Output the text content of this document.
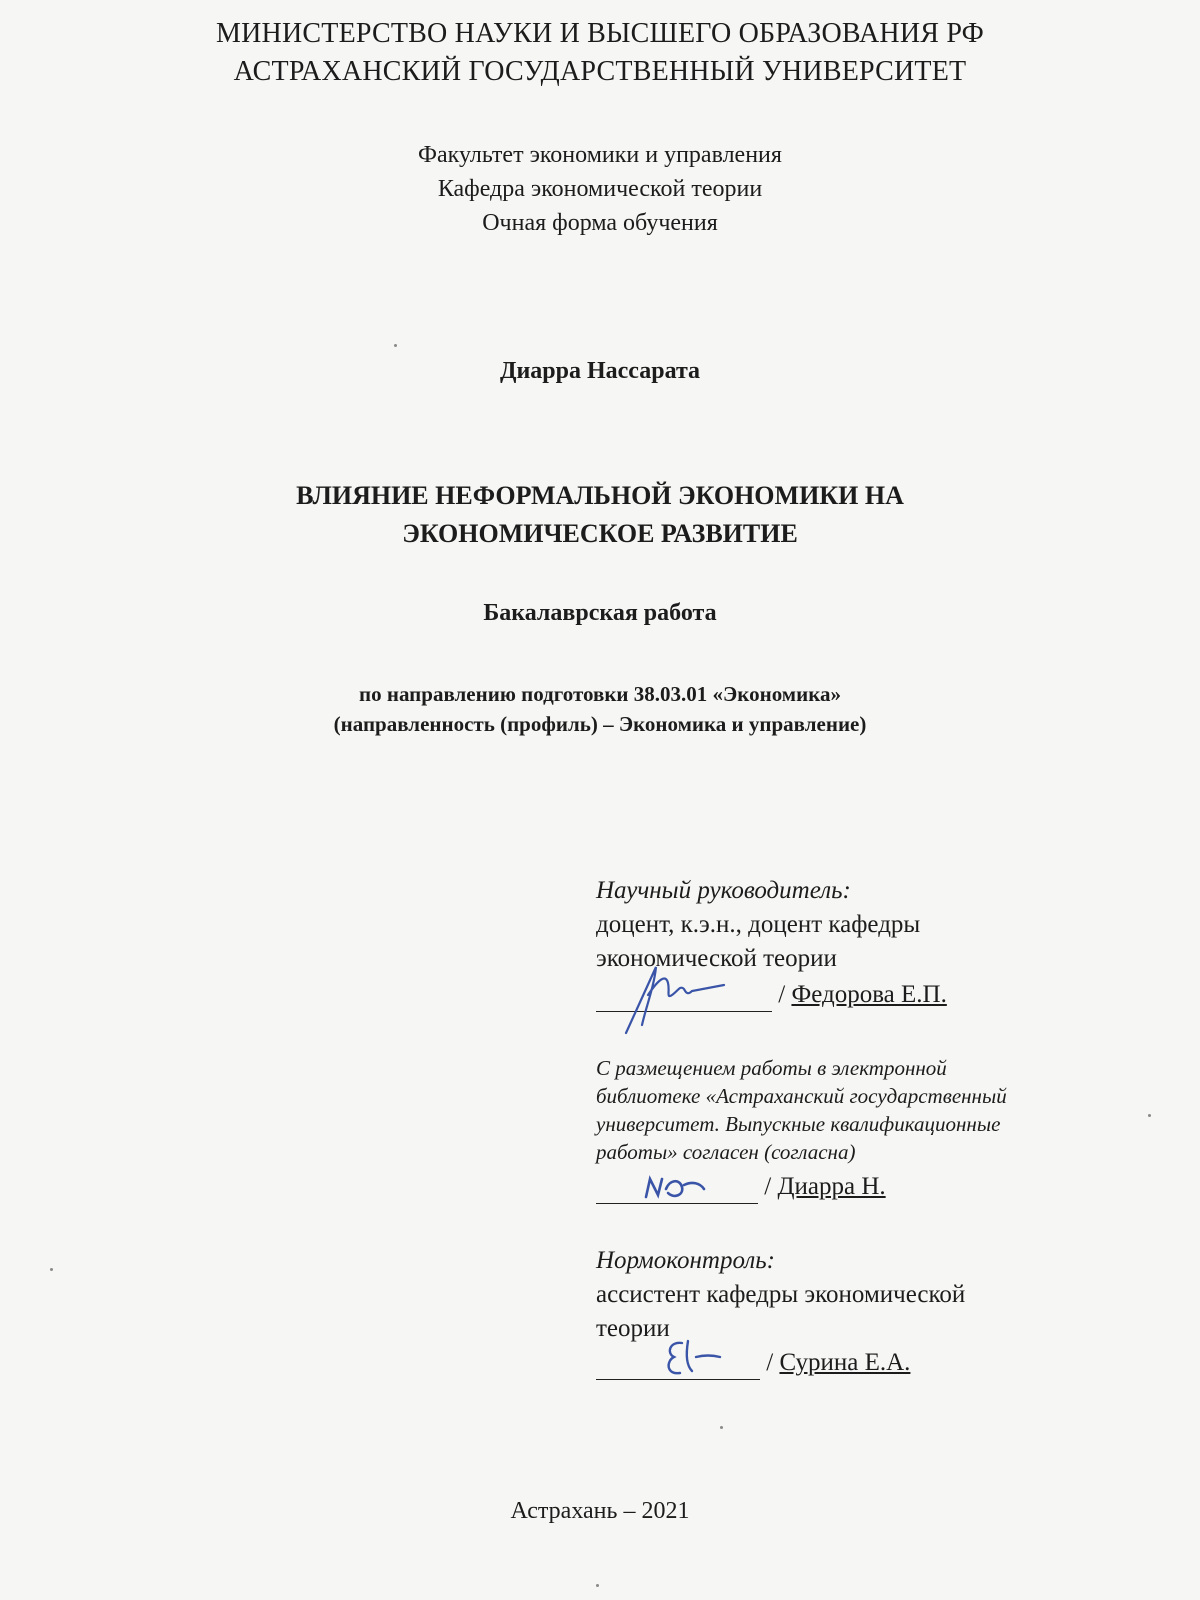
МИНИСТЕРСТВО НАУКИ И ВЫСШЕГО ОБРАЗОВАНИЯ РФ
АСТРАХАНСКИЙ ГОСУДАРСТВЕННЫЙ УНИВЕРСИТЕТ
Факультет экономики и управления
Кафедра экономической теории
Очная форма обучения
Диарра Нассарата
ВЛИЯНИЕ НЕФОРМАЛЬНОЙ ЭКОНОМИКИ НА
ЭКОНОМИЧЕСКОЕ РАЗВИТИЕ
Бакалаврская работа
по направлению подготовки 38.03.01 «Экономика»
(направленность (профиль) – Экономика и управление)
Научный руководитель:
доцент, к.э.н., доцент кафедры
экономической теории
/ Федорова Е.П.
С размещением работы в электронной
библиотеке «Астраханский государственный
университет. Выпускные квалификационные
работы» согласен (согласна)
/ Диарра Н.
Нормоконтроль:
ассистент кафедры экономической
теории
/ Сурина Е.А.
Астрахань – 2021
